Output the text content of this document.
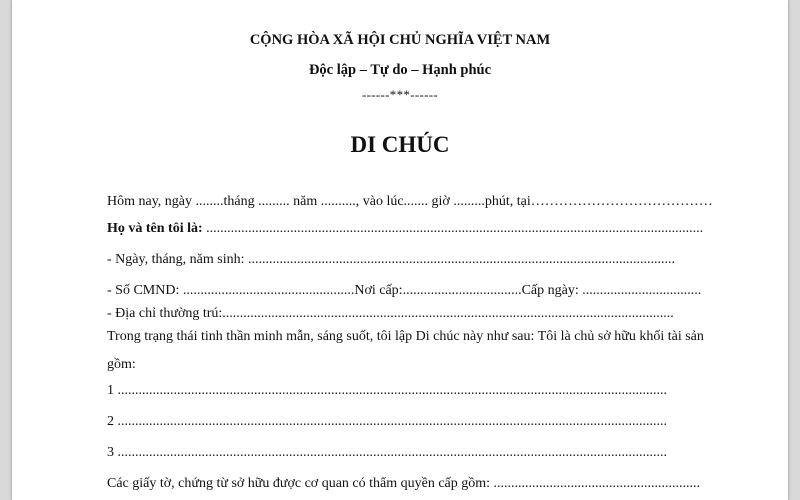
CỘNG HÒA XÃ HỘI CHỦ NGHĨA VIỆT NAM
Độc lập – Tự do – Hạnh phúc
------***------
DI CHÚC
Hôm nay, ngày ........tháng ......... năm .........., vào lúc....... giờ .........phút, tại…………………………………
Họ và tên tôi là: ..............................................................................................................................................
- Ngày, tháng, năm sinh: ..........................................................................................................................
- Số CMND: .................................................Nơi cấp:..................................Cấp ngày: ..................................
- Địa chỉ thường trú:.................................................................................................................................
Trong trạng thái tinh thần minh mẫn, sáng suốt, tôi lập Di chúc này như sau: Tôi là chủ sở hữu khối tài sản
gồm:
1 .............................................................................................................................................................
2 .............................................................................................................................................................
3 .............................................................................................................................................................
Các giấy tờ, chứng từ sở hữu được cơ quan có thẩm quyền cấp gồm: ...........................................................
